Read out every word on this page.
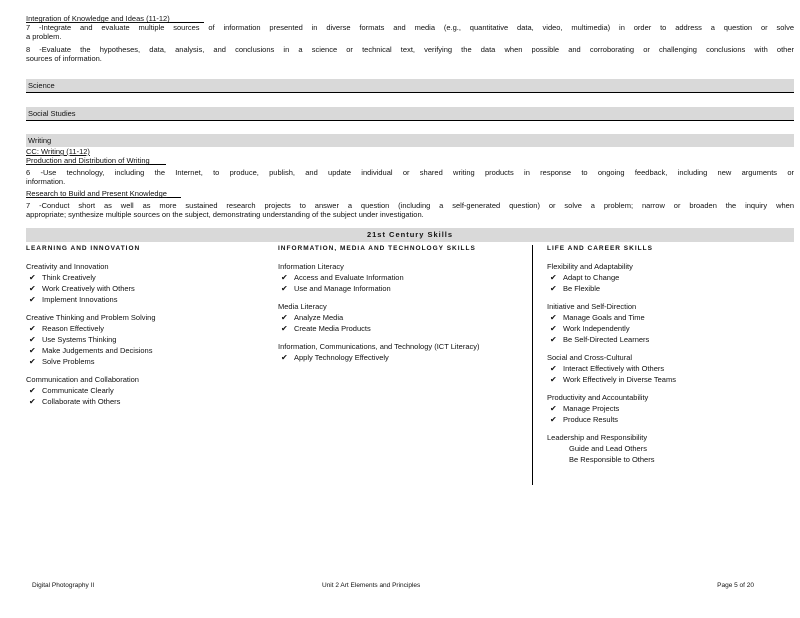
Integration of Knowledge and Ideas (11-12)
7 -Integrate and evaluate multiple sources of information presented in diverse formats and media (e.g., quantitative data, video, multimedia) in order to address a question or solve
a problem.
8 -Evaluate the hypotheses, data, analysis, and conclusions in a science or technical text, verifying the data when possible and corroborating or challenging conclusions with other
sources of information.
Science
Social Studies
Writing
CC: Writing (11-12)
Production and Distribution of Writing
6 -Use technology, including the Internet, to produce, publish, and update individual or shared writing products in response to ongoing feedback, including new arguments or
information.
Research to Build and Present Knowledge
7 -Conduct short as well as more sustained research projects to answer a question (including a self-generated question) or solve a problem; narrow or broaden the inquiry when
appropriate; synthesize multiple sources on the subject, demonstrating understanding of the subject under investigation.
21st Century Skills
LEARNING AND INNOVATION
Creativity and Innovation
✔ Think Creatively
✔ Work Creatively with Others
✔ Implement Innovations
Creative Thinking and Problem Solving
✔ Reason Effectively
✔ Use Systems Thinking
✔ Make Judgements and Decisions
✔ Solve Problems
Communication and Collaboration
✔ Communicate Clearly
✔ Collaborate with Others
INFORMATION, MEDIA AND TECHNOLOGY SKILLS
Information Literacy
✔ Access and Evaluate Information
✔ Use and Manage Information
Media Literacy
✔ Analyze Media
✔ Create Media Products
Information, Communications, and Technology (ICT Literacy)
✔ Apply Technology Effectively
LIFE AND CAREER SKILLS
Flexibility and Adaptability
✔ Adapt to Change
✔ Be Flexible
Initiative and Self-Direction
✔ Manage Goals and Time
✔ Work Independently
✔ Be Self-Directed Learners
Social and Cross-Cultural
✔ Interact Effectively with Others
✔ Work Effectively in Diverse Teams
Productivity and Accountability
✔ Manage Projects
✔ Produce Results
Leadership and Responsibility
Guide and Lead Others
Be Responsible to Others
Digital Photography II	Unit 2 Art Elements and Principles	Page 5 of 20
